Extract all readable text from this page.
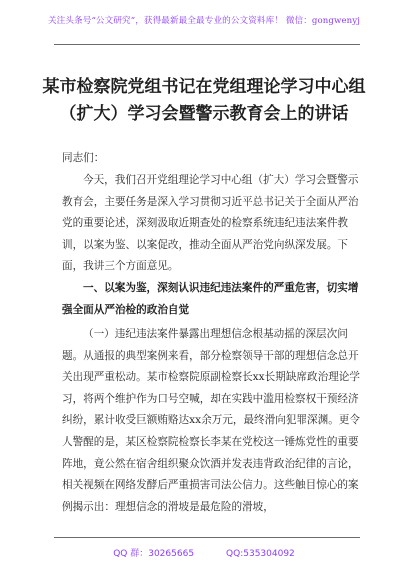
关注头条号“公文研究”，获得最新最全最专业的公文资料库！ 微信：gongwenyj
某市检察院党组书记在党组理论学习中心组（扩大）学习会暨警示教育会上的讲话
同志们：
今天，我们召开党组理论学习中心组（扩大）学习会暨警示教育会，主要任务是深入学习贯彻习近平总书记关于全面从严治党的重要论述，深刻汲取近期查处的检察系统违纪违法案件教训，以案为鉴、以案促改，推动全面从严治党向纵深发展。下面，我讲三个方面意见。
一、以案为鉴，深刻认识违纪违法案件的严重危害，切实增强全面从严治检的政治自觉
（一）违纪违法案件暴露出理想信念根基动摇的深层次问题。从通报的典型案例来看，部分检察领导干部的理想信念总开关出现严重松动。某市检察院原副检察长xx长期缺席政治理论学习，将两个维护作为口号空喊，却在实践中滥用检察权干预经济纠纷，累计收受巨额贿赂达xx余万元，最终滑向犯罪深渊。更令人警醒的是，某区检察院检察长李某在党校这一锤炼党性的重要阵地，竟公然在宿舍组织聚众饮酒并发表违背政治纪律的言论，相关视频在网络发酵后严重损害司法公信力。这些触目惊心的案例揭示出：理想信念的滑坡是最危险的滑坡，
QQ 群：30265665	QQ:535304092
